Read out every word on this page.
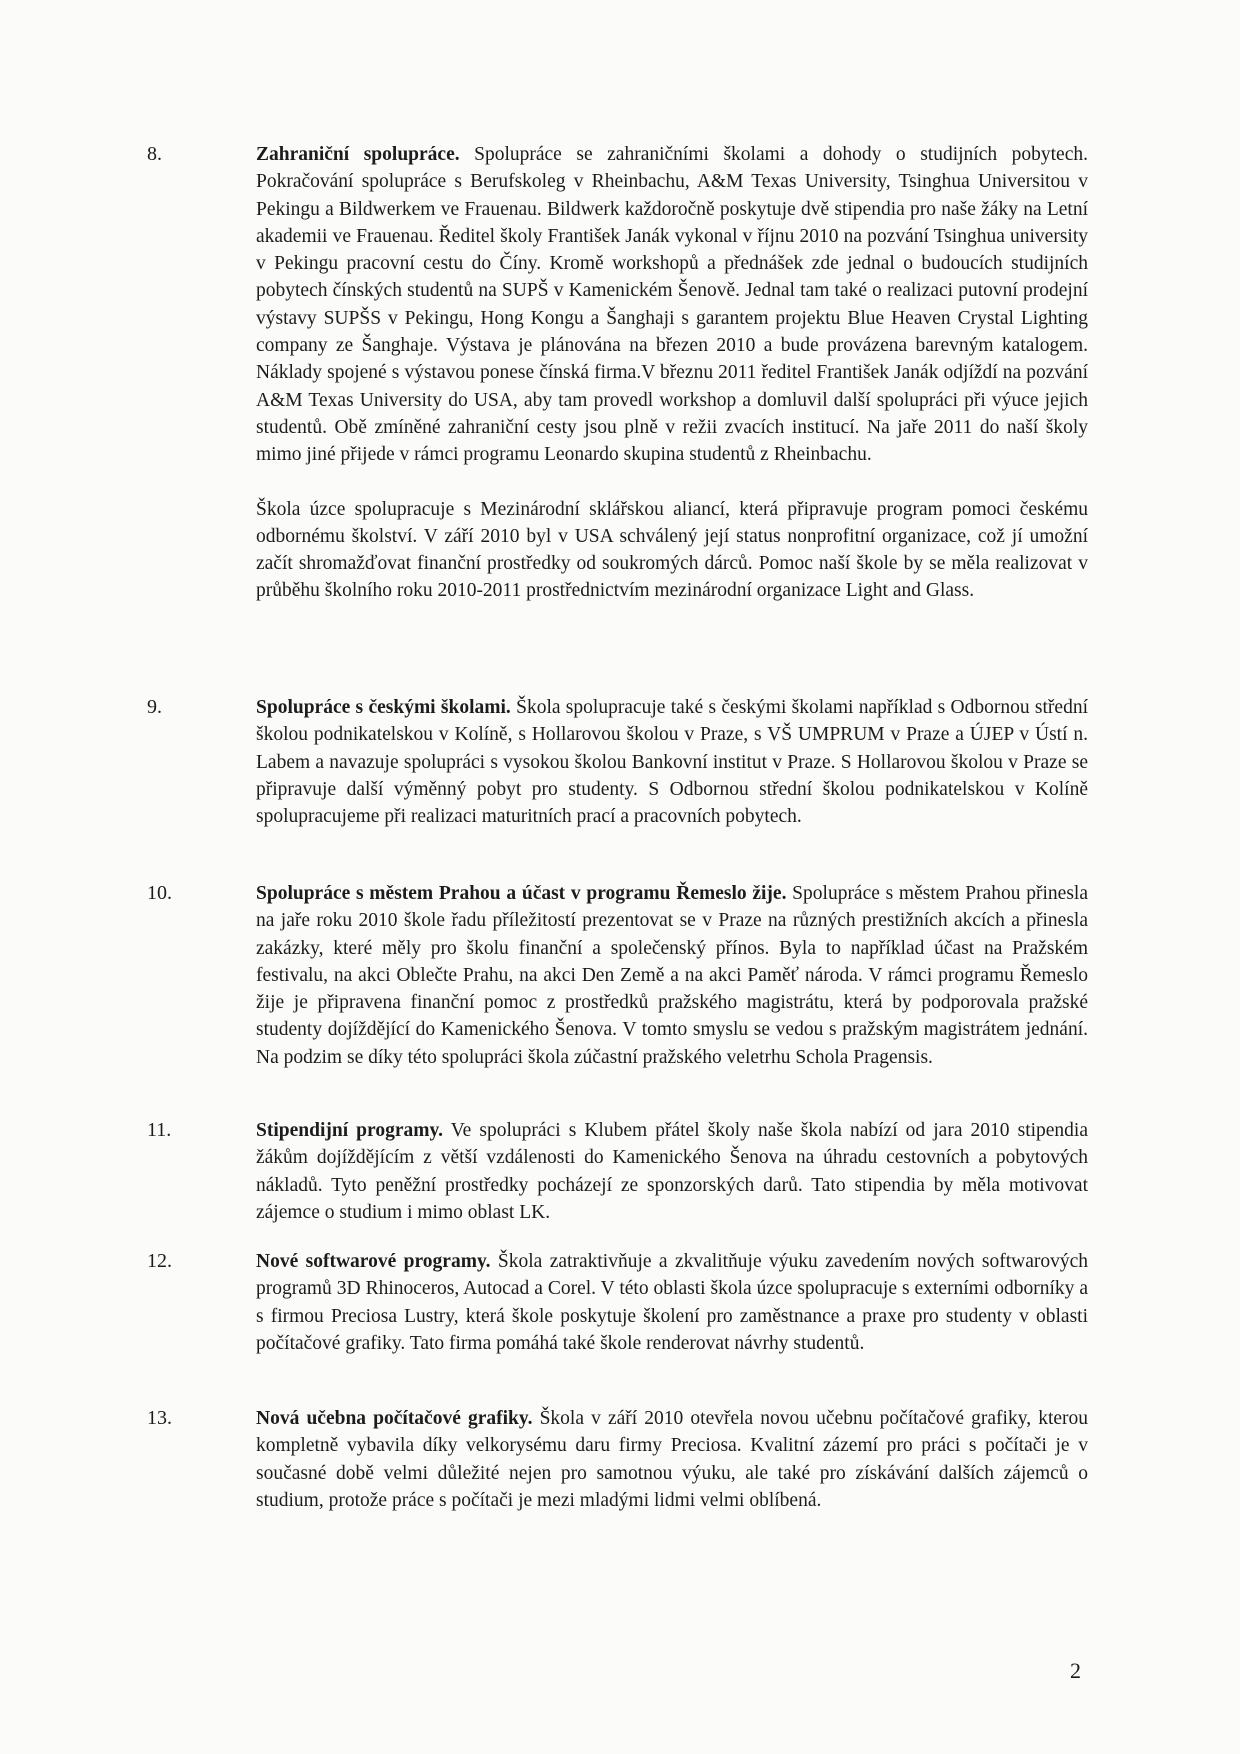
8.	Zahraniční spolupráce. Spolupráce se zahraničními školami a dohody o studijních pobytech. Pokračování spolupráce s Berufskoleg v Rheinbachu, A&M Texas University, Tsinghua Universitou v Pekingu a Bildwerkem ve Frauenau. Bildwerk každoročně poskytuje dvě stipendia pro naše žáky na Letní akademii ve Frauenau. Ředitel školy František Janák vykonal v říjnu 2010 na pozvání Tsinghua university v Pekingu pracovní cestu do Číny. Kromě workshopů a přednášek zde jednal o budoucích studijních pobytech čínských studentů na SUPŠ v Kamenickém Šenově. Jednal tam také o realizaci putovní prodejní výstavy SUPŠS v Pekingu, Hong Kongu a Šanghaji s garantem projektu Blue Heaven Crystal Lighting company ze Šanghaje. Výstava je plánována na březen 2010 a bude provázena barevným katalogem. Náklady spojené s výstavou ponese čínská firma.V březnu 2011 ředitel František Janák odjíždí na pozvání A&M Texas University do USA, aby tam provedl workshop a domluvil další spolupráci při výuce jejich studentů. Obě zmíněné zahraniční cesty jsou plně v režii zvacích institucí. Na jaře 2011 do naší školy mimo jiné přijede v rámci programu Leonardo skupina studentů z Rheinbachu.

Škola úzce spolupracuje s Mezinárodní sklářskou aliancí, která připravuje program pomoci českému odbornému školství. V září 2010 byl v USA schválený její status nonprofitní organizace, což jí umožní začít shromažďovat finanční prostředky od soukromých dárců. Pomoc naší škole by se měla realizovat v průběhu školního roku 2010-2011 prostřednictvím mezinárodní organizace Light and Glass.

9.	Spolupráce s českými školami. Škola spolupracuje také s českými školami například s Odbornou střední školou podnikatelskou v Kolíně, s Hollarovou školou v Praze, s VŠ UMPRUM v Praze a ÚJEP v Ústí n. Labem a navazuje spolupráci s vysokou školou Bankovní institut v Praze. S Hollarovou školou v Praze se připravuje další výměnný pobyt pro studenty. S Odbornou střední školou podnikatelskou v Kolíně spolupracujeme při realizaci maturitních prací a pracovních pobytech.

10.	Spolupráce s městem Prahou a účast v programu Řemeslo žije. Spolupráce s městem Prahou přinesla na jaře roku 2010 škole řadu příležitostí prezentovat se v Praze na různých prestižních akcích a přinesla zakázky, které měly pro školu finanční a společenský přínos. Byla to například účast na Pražském festivalu, na akci Oblečte Prahu, na akci Den Země a na akci Paměť národa. V rámci programu Řemeslo žije je připravena finanční pomoc z prostředků pražského magistrátu, která by podporovala pražské studenty dojíždějící do Kamenického Šenova. V tomto smyslu se vedou s pražským magistrátem jednání. Na podzim se díky této spolupráci škola zúčastní pražského veletrhu Schola Pragensis.

11.	Stipendijní programy. Ve spolupráci s Klubem přátel školy naše škola nabízí od jara 2010 stipendia žákům dojíždějícím z větší vzdálenosti do Kamenického Šenova na úhradu cestovních a pobytových nákladů. Tyto peněžní prostředky pocházejí ze sponzorských darů. Tato stipendia by měla motivovat zájemce o studium i mimo oblast LK.

12.	Nové softwarové programy. Škola zatraktivňuje a zkvalitňuje výuku zavedením nových softwarových programů 3D Rhinoceros, Autocad a Corel. V této oblasti škola úzce spolupracuje s externími odborníky a s firmou Preciosa Lustry, která škole poskytuje školení pro zaměstnance a praxe pro studenty v oblasti počítačové grafiky. Tato firma pomáhá také škole renderovat návrhy studentů.

13.	Nová učebna počítačové grafiky. Škola v září 2010 otevřela novou učebnu počítačové grafiky, kterou kompletně vybavila díky velkorysému daru firmy Preciosa. Kvalitní zázemí pro práci s počítači je v současné době velmi důležité nejen pro samotnou výuku, ale také pro získávání dalších zájemců o studium, protože práce s počítači je mezi mladými lidmi velmi oblíbená.

2
